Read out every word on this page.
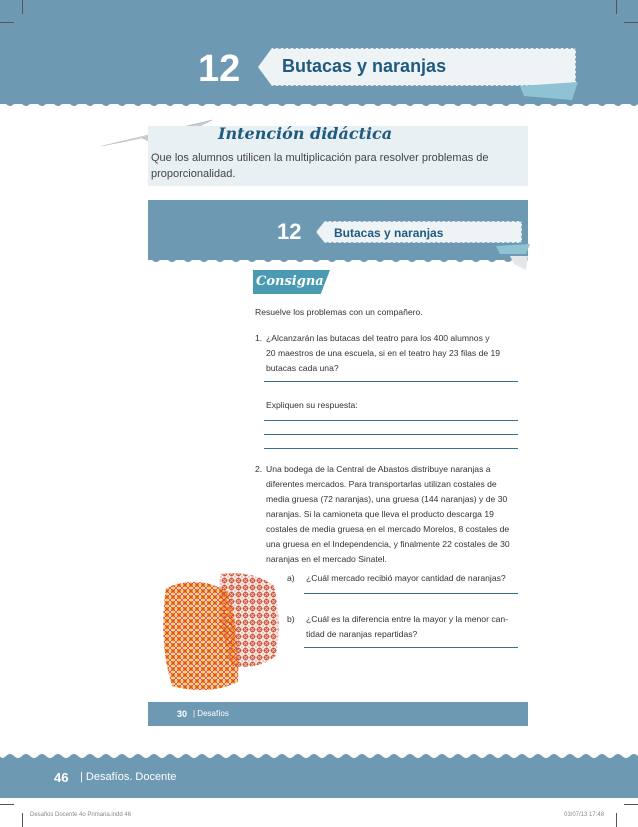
12 Butacas y naranjas
Intención didáctica
Que los alumnos utilicen la multiplicación para resolver problemas de proporcionalidad.
12	Butacas y naranjas
Consigna
Resuelve los problemas con un compañero.
1. ¿Alcanzarán las butacas del teatro para los 400 alumnos y
20 maestros de una escuela, si en el teatro hay 23 filas de 19
butacas cada una?
Expliquen su respuesta:
2. Una bodega de la Central de Abastos distribuye naranjas a
diferentes mercados. Para transportarlas utilizan costales de
media gruesa (72 naranjas), una gruesa (144 naranjas) y de 30
naranjas. Si la camioneta que lleva el producto descarga 19
costales de media gruesa en el mercado Morelos, 8 costales de
una gruesa en el Independencia, y finalmente 22 costales de 30
naranjas en el mercado Sinatel.
a) ¿Cuál mercado recibió mayor cantidad de naranjas?
b) ¿Cuál es la diferencia entre la mayor y la menor can-
tidad de naranjas repartidas?
30 | Desafíos
46 | Desafíos. Docente
Desafios Docente 4o Primaria.indd 46	03/07/13 17:48
